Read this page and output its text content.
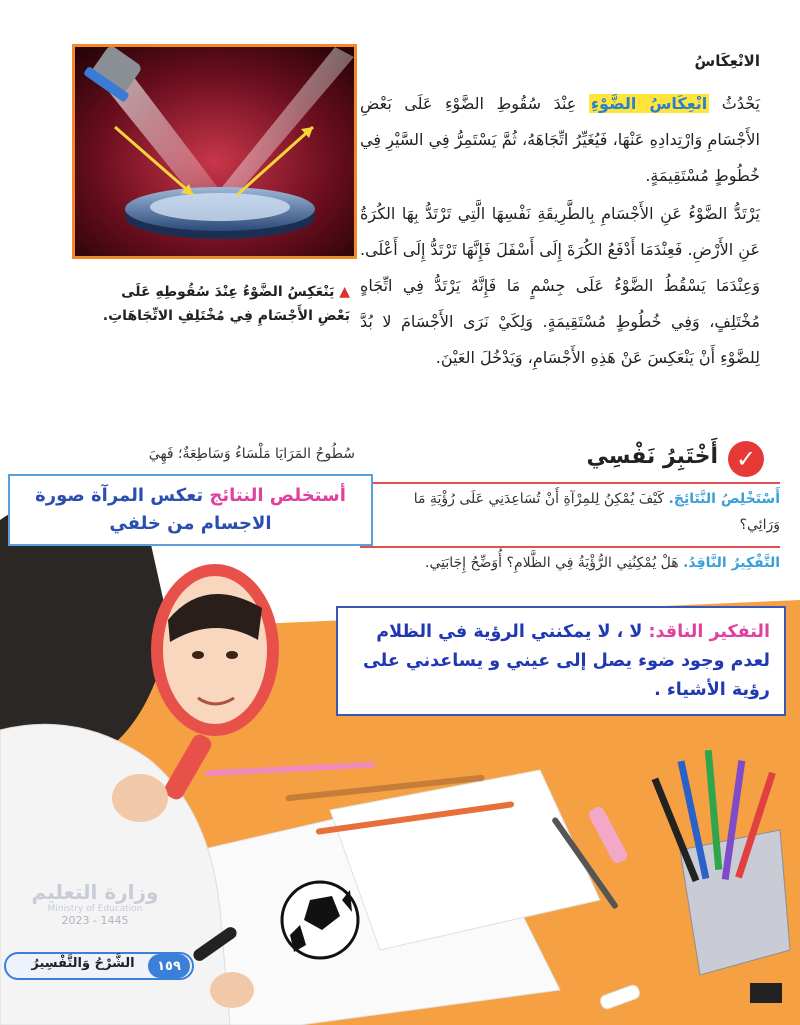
الانْعِكَاسُ
يَحْدُثُ انْعِكَاسُ الضَّوْءِ عِنْدَ سُقُوطِ الضَّوْءِ عَلَى بَعْضِ الأَجْسَامِ وَارْتِدادِهِ عَنْهَا، فَيُغَيِّرُ اتِّجَاهَهُ، ثُمَّ يَسْتَمِرُّ فِي السَّيْرِ فِي خُطُوطٍ مُسْتَقِيمَةٍ.
يَرْتَدُّ الضَّوْءُ عَنِ الأَجْسَامِ بِالطَّرِيقَةِ نَفْسِهَا الَّتِي تَرْتَدُّ بِهَا الكُرَةُ عَنِ الأَرْضِ. فَعِنْدَمَا أَدْفَعُ الكُرَةَ إِلَى أَسْفَلَ فَإِنَّهَا تَرْتَدُّ إِلَى أَعْلَى. وَعِنْدَمَا يَسْقُطُ الضَّوْءُ عَلَى جِسْمٍ مَا فَإِنَّهُ يَرْتَدُّ فِي اتِّجَاهٍ مُخْتَلِفٍ، وَفِي خُطُوطٍ مُسْتَقِيمَةٍ. وَلِكَيْ نَرَى الأَجْسَامَ لا بُدَّ لِلضَّوْءِ أَنْ يَنْعَكِسَ عَنْ هَذِهِ الأَجْسَامِ، وَيَدْخُلَ العَيْنَ.
▲ يَنْعَكِسُ الضَّوْءُ عِنْدَ سُقُوطِهِ عَلَى بَعْضِ الأَجْسَامِ فِي مُخْتَلِفِ الاتِّجَاهَاتِ.
✓
أَخْتَبِرُ نَفْسِي
سُطُوحُ المَرَايَا مَلْسَاءُ وَسَاطِعَةٌ؛ فَهِيَ
أَسْتَخْلِصُ النَّتَائِجَ. كَيْفَ يُمْكِنُ لِلمِرْآةِ أَنْ تُسَاعِدَنِي عَلَى رُؤْيَةِ مَا وَرَائِي؟
التَّفْكِيرُ النَّاقِدُ. هَلْ يُمْكِنُنِي الرُّؤْيَةُ فِي الظَّلامِ؟ أُوَضِّحُ إِجَابَتِي.
أستخلص النتائج تعكس المرآة صورة الاجسام من خلفي
التفكير الناقد: لا ، لا يمكنني الرؤية في الظلام لعدم وجود ضوء يصل إلى عيني و يساعدني على رؤية الأشياء .
وزارة التعليم
Ministry of Education
2023 - 1445
١٥٩
الشَّرْحُ وَالتَّفْسِيرُ
